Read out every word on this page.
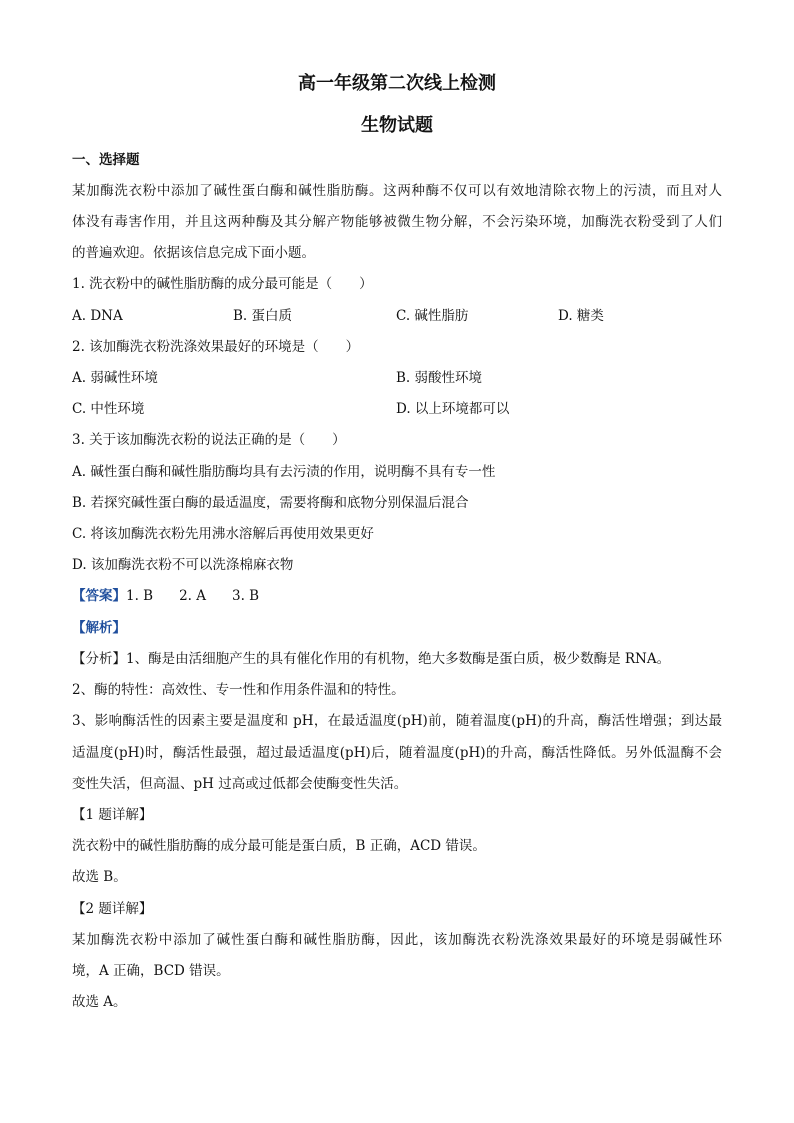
高一年级第二次线上检测
生物试题
一、选择题
某加酶洗衣粉中添加了碱性蛋白酶和碱性脂肪酶。这两种酶不仅可以有效地清除衣物上的污渍，而且对人
体没有毒害作用，并且这两种酶及其分解产物能够被微生物分解，不会污染环境，加酶洗衣粉受到了人们
的普遍欢迎。依据该信息完成下面小题。
1. 洗衣粉中的碱性脂肪酶的成分最可能是（　　）
A. DNA	B. 蛋白质	C. 碱性脂肪	D. 糖类
2. 该加酶洗衣粉洗涤效果最好的环境是（　　）
A. 弱碱性环境	B. 弱酸性环境
C. 中性环境	D. 以上环境都可以
3. 关于该加酶洗衣粉的说法正确的是（　　）
A. 碱性蛋白酶和碱性脂肪酶均具有去污渍的作用，说明酶不具有专一性
B. 若探究碱性蛋白酶的最适温度，需要将酶和底物分别保温后混合
C. 将该加酶洗衣粉先用沸水溶解后再使用效果更好
D. 该加酶洗衣粉不可以洗涤棉麻衣物
【答案】1. B 2. A 3. B
【解析】
【分析】1、酶是由活细胞产生的具有催化作用的有机物，绝大多数酶是蛋白质，极少数酶是 RNA。
2、酶的特性：高效性、专一性和作用条件温和的特性。
3、影响酶活性的因素主要是温度和 pH，在最适温度(pH)前，随着温度(pH)的升高，酶活性增强；到达最
适温度(pH)时，酶活性最强，超过最适温度(pH)后，随着温度(pH)的升高，酶活性降低。另外低温酶不会
变性失活，但高温、pH 过高或过低都会使酶变性失活。
【1 题详解】
洗衣粉中的碱性脂肪酶的成分最可能是蛋白质，B 正确，ACD 错误。
故选 B。
【2 题详解】
某加酶洗衣粉中添加了碱性蛋白酶和碱性脂肪酶，因此，该加酶洗衣粉洗涤效果最好的环境是弱碱性环
境，A 正确，BCD 错误。
故选 A。
